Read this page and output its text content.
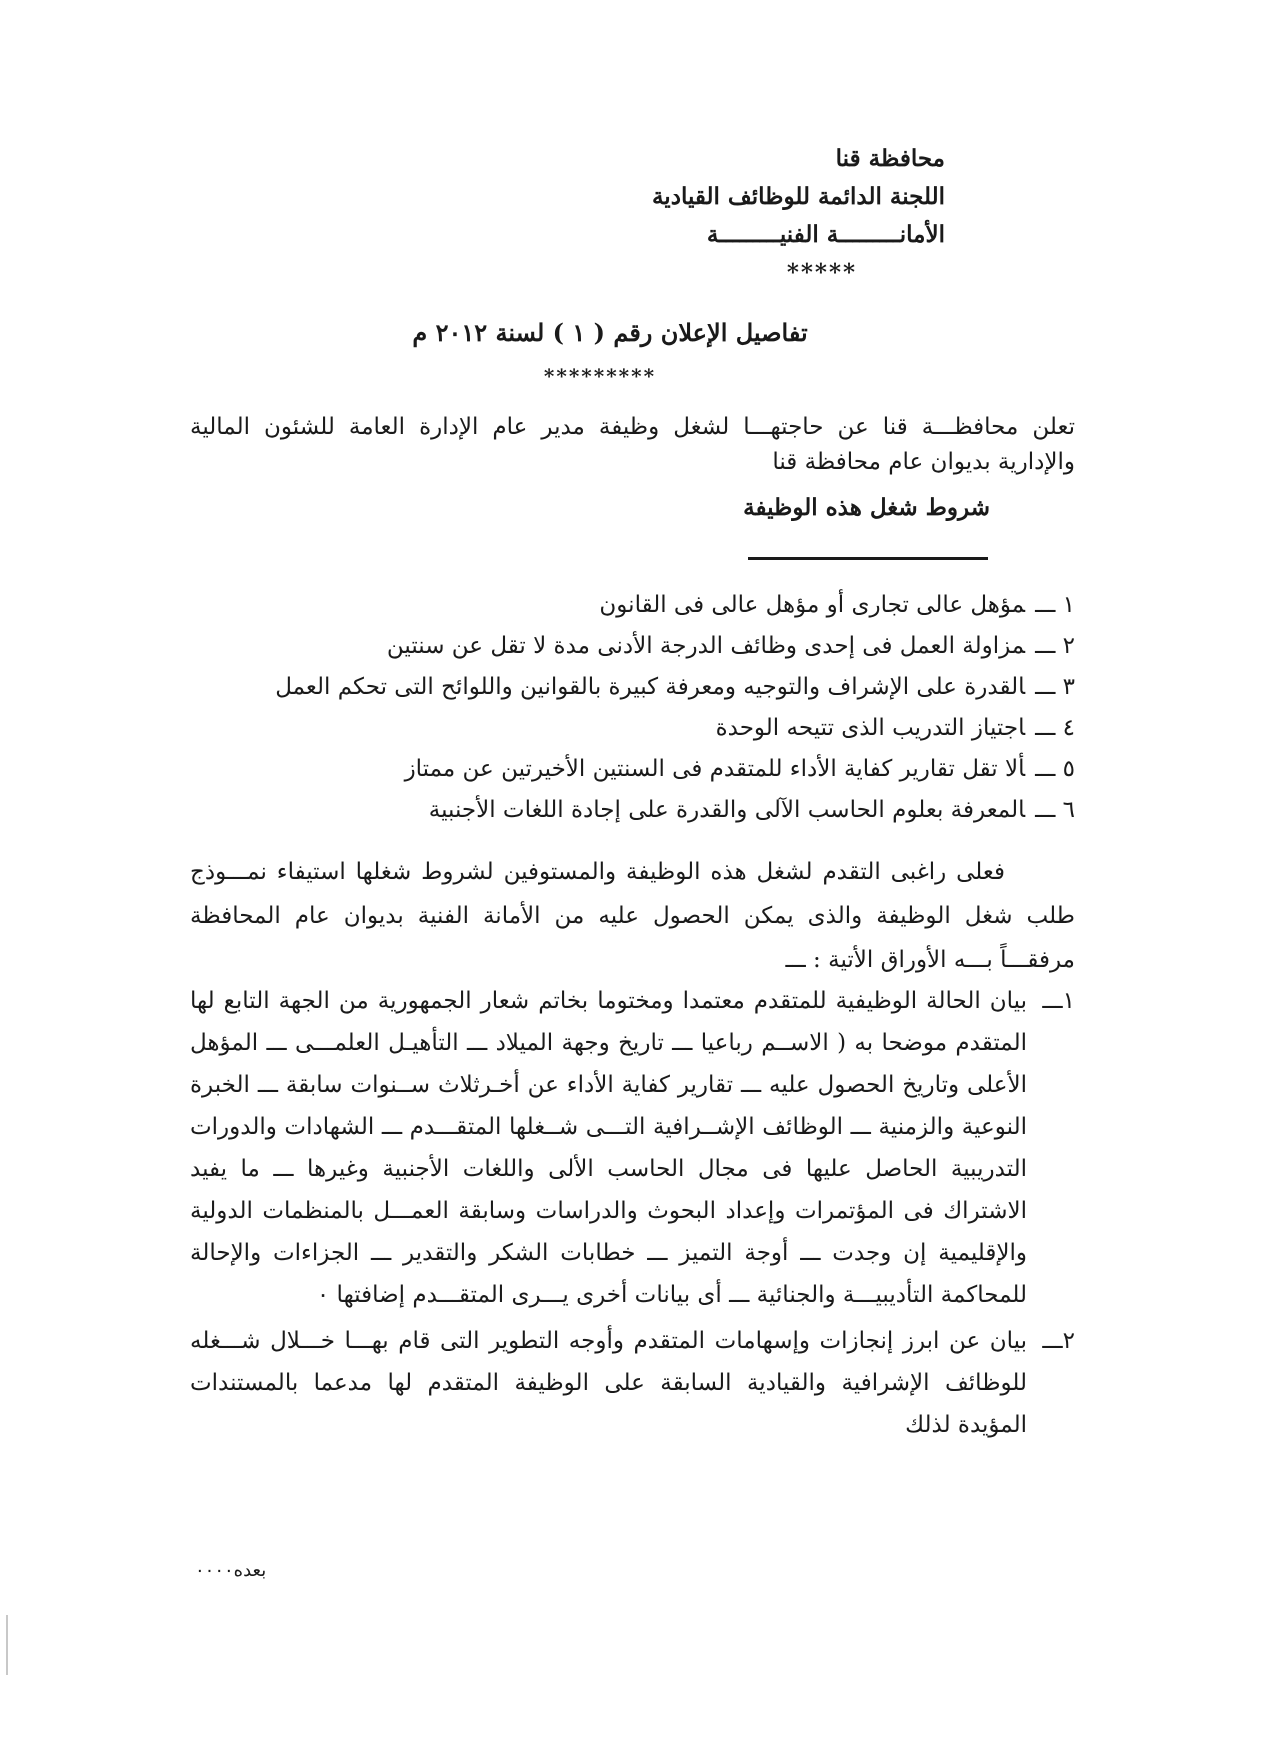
محافظة قنا
اللجنة الدائمة للوظائف القيادية
الأمانـــــــــة الفنيـــــــــة
*****
تفاصيل الإعلان رقم ( ١ ) لسنة ٢٠١٢ م
*********
تعلن محافظـــة قنا عن حاجتهـــا لشغل وظيفة مدير عام الإدارة العامة للشئون المالية والإدارية بديوان عام محافظة قنا
شروط شغل هذه الوظيفة
١ ـــمؤهل عالى تجارى أو مؤهل عالى فى القانون
٢ ـــمزاولة العمل فى إحدى وظائف الدرجة الأدنى مدة لا تقل عن سنتين
٣ ـــالقدرة على الإشراف والتوجيه ومعرفة كبيرة بالقوانين واللوائح التى تحكم العمل
٤ ـــاجتياز التدريب الذى تتيحه الوحدة
٥ ـــألا تقل تقارير كفاية الأداء للمتقدم فى السنتين الأخيرتين عن ممتاز
٦ ـــالمعرفة بعلوم الحاسب الآلى والقدرة على إجادة اللغات الأجنبية
فعلى راغبى التقدم لشغل هذه الوظيفة والمستوفين لشروط شغلها استيفاء نمـــوذج طلب شغل الوظيفة والذى يمكن الحصول عليه من الأمانة الفنية بديوان عام المحافظة مرفقـــاً بـــه الأوراق الأتية : ـــ
١ـــ
بيان الحالة الوظيفية للمتقدم معتمدا ومختوما بخاتم شعار الجمهورية من الجهة التابع لها المتقدم موضحا به ( الاســم رباعيا ـــ تاريخ وجهة الميلاد ـــ التأهيـل العلمـــى ـــ المؤهل الأعلى وتاريخ الحصول عليه ـــ تقارير كفاية الأداء عن أخـرثلاث ســنوات سابقة ـــ الخبرة النوعية والزمنية ـــ الوظائف الإشــرافية التـــى شــغلها المتقـــدم ـــ الشهادات والدورات التدريبية الحاصل عليها فى مجال الحاسب الألى واللغات الأجنبية وغيرها ـــ ما يفيد الاشتراك فى المؤتمرات وإعداد البحوث والدراسات وسابقة العمـــل بالمنظمات الدولية والإقليمية إن وجدت ـــ أوجة التميز ـــ خطابات الشكر والتقدير ـــ الجزاءات والإحالة للمحاكمة التأديبيـــة والجنائية ـــ أى بيانات أخرى يـــرى المتقـــدم إضافتها ٠
٢ـــ
بيان عن ابرز إنجازات وإسهامات المتقدم وأوجه التطوير التى قام بهـــا خـــلال شـــغله للوظائف الإشرافية والقيادية السابقة على الوظيفة المتقدم لها مدعما بالمستندات المؤيدة لذلك
بعده٠٠٠٠
